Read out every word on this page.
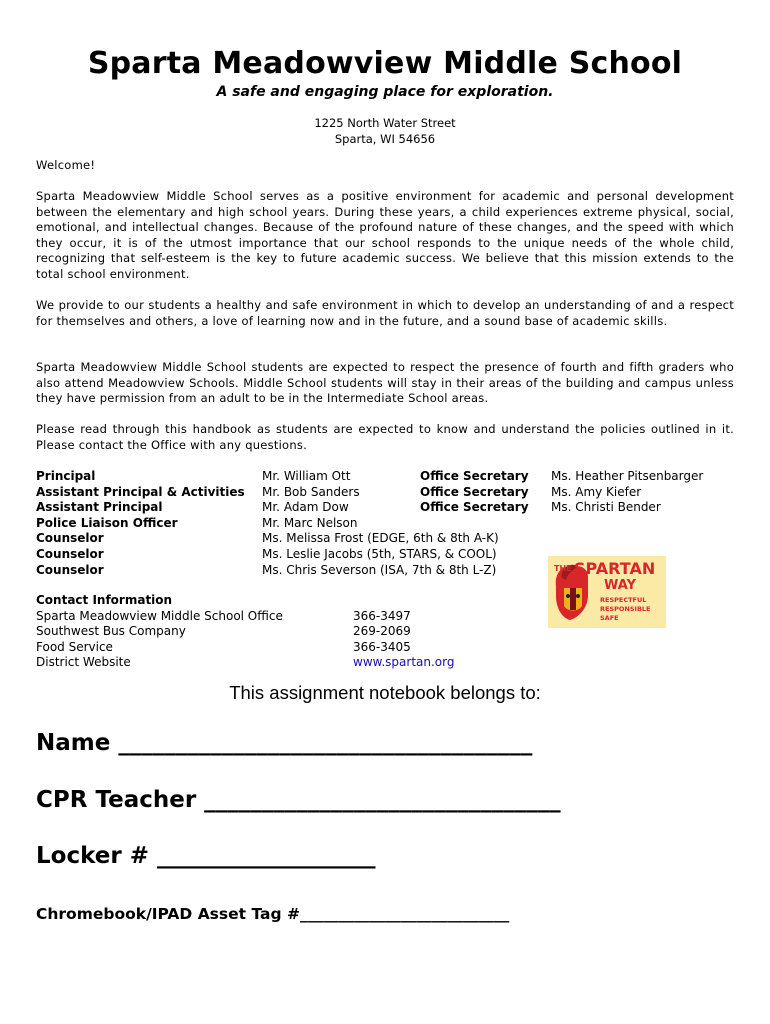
Sparta Meadowview Middle School
A safe and engaging place for exploration.
1225 North Water Street
Sparta, WI 54656
Welcome!
Sparta Meadowview Middle School serves as a positive environment for academic and personal development between the elementary and high school years. During these years, a child experiences extreme physical, social, emotional, and intellectual changes. Because of the profound nature of these changes, and the speed with which they occur, it is of the utmost importance that our school responds to the unique needs of the whole child, recognizing that self-esteem is the key to future academic success. We believe that this mission extends to the total school environment.
We provide to our students a healthy and safe environment in which to develop an understanding of and a respect for themselves and others, a love of learning now and in the future, and a sound base of academic skills.
Sparta Meadowview Middle School students are expected to respect the presence of fourth and fifth graders who also attend Meadowview Schools. Middle School students will stay in their areas of the building and campus unless they have permission from an adult to be in the Intermediate School areas.
Please read through this handbook as students are expected to know and understand the policies outlined in it. Please contact the Office with any questions.
Principal
Assistant Principal & Activities
Assistant Principal
Police Liaison Officer
Counselor
Counselor
Counselor
Mr. William Ott
Mr. Bob Sanders
Mr. Adam Dow
Mr. Marc Nelson
Ms. Melissa Frost (EDGE, 6th & 8th A-K)
Ms. Leslie Jacobs (5th, STARS, & COOL)
Ms. Chris Severson (ISA, 7th & 8th L-Z)
Office Secretary
Office Secretary
Office Secretary
Ms. Heather Pitsenbarger
Ms. Amy Kiefer
Ms. Christi Bender
THE SPARTAN
WAY
RESPECTFUL
RESPONSIBLE
SAFE
Contact Information
Sparta Meadowview Middle School Office
Southwest Bus Company
Food Service
District Website
366-3497
269-2069
366-3405
www.spartan.org
This assignment notebook belongs to:
Name ____________________________________
CPR Teacher _______________________________
Locker # ___________________
Chromebook/IPAD Asset Tag #___________________________
